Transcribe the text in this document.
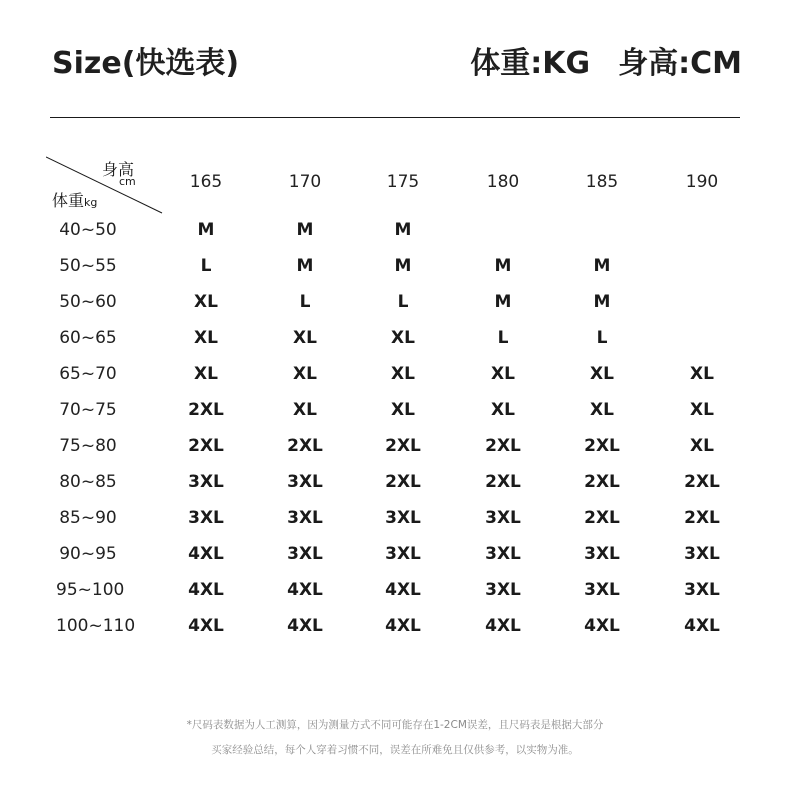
Size(快选表)	体重:KG 身高:CM
身高
cm
体重kg
165	170	175	180	185	190
40~50	M	M	M
50~55	L	M	M	M	M
50~60	XL	L	L	M	M
60~65	XL	XL	XL	L	L
65~70	XL	XL	XL	XL	XL	XL
70~75	2XL	XL	XL	XL	XL	XL
75~80	2XL	2XL	2XL	2XL	2XL	XL
80~85	3XL	3XL	2XL	2XL	2XL	2XL
85~90	3XL	3XL	3XL	3XL	2XL	2XL
90~95	4XL	3XL	3XL	3XL	3XL	3XL
95~100	4XL	4XL	4XL	3XL	3XL	3XL
100~110	4XL	4XL	4XL	4XL	4XL	4XL
*尺码表数据为人工测算，因为测量方式不同可能存在1-2CM误差，且尺码表是根据大部分
买家经验总结，每个人穿着习惯不同，误差在所难免且仅供参考，以实物为准。
